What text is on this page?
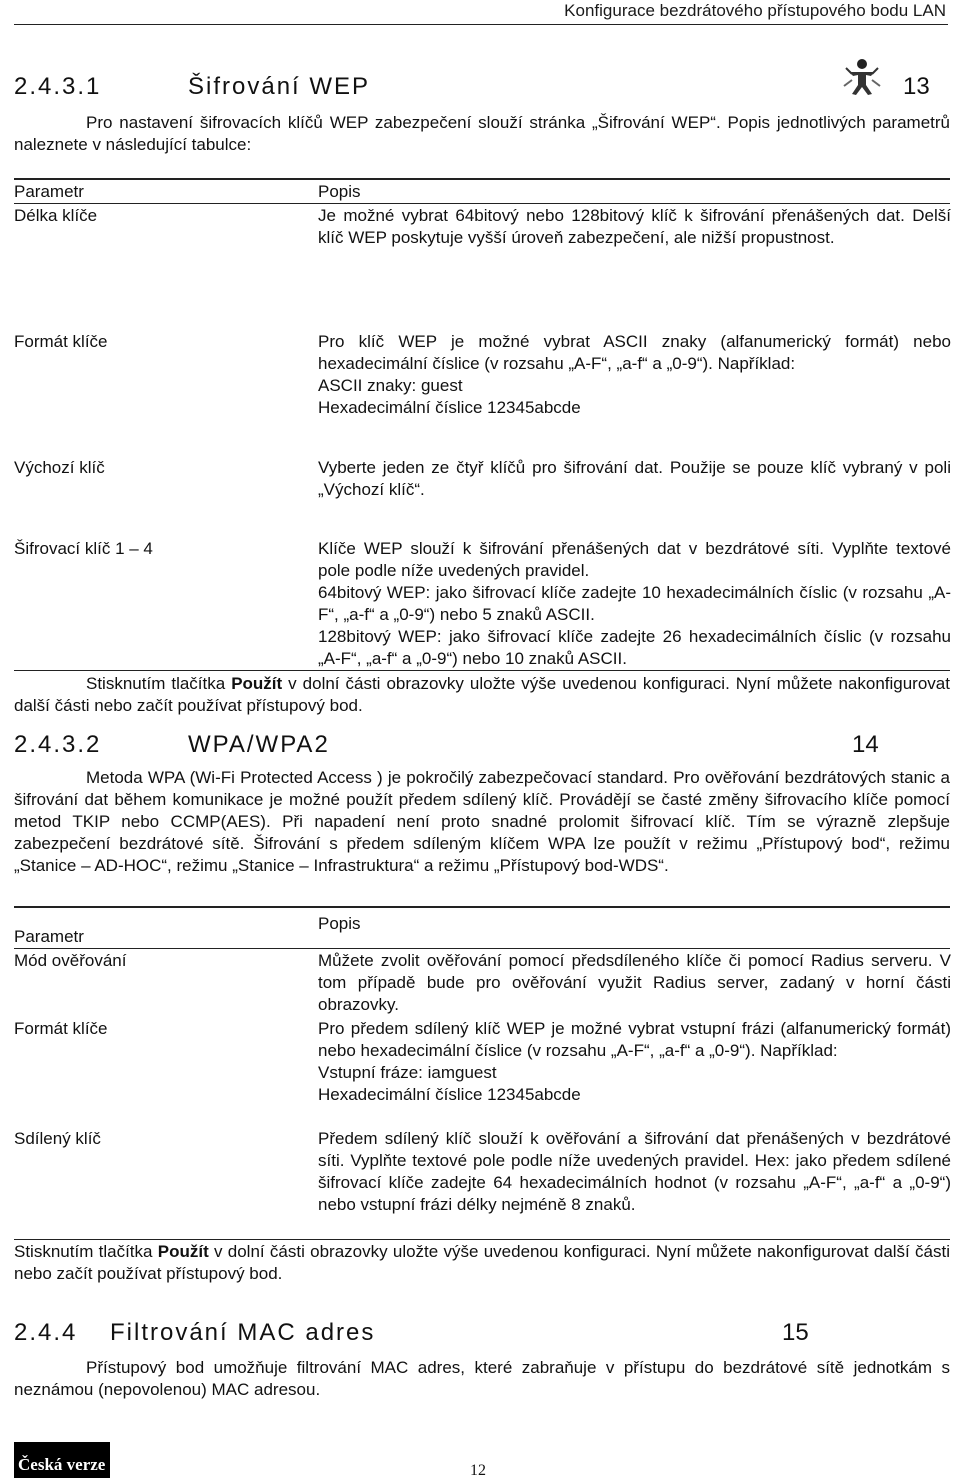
Konfigurace bezdrátového přístupového bodu LAN
2.4.3.1	Šifrování WEP	13
Pro nastavení šifrovacích klíčů WEP zabezpečení slouží stránka „Šifrování WEP“. Popis jednotlivých parametrů naleznete v následující tabulce:
Parametr	Popis
Délka klíče	Je možné vybrat 64bitový nebo 128bitový klíč k šifrování přenášených dat. Delší klíč WEP poskytuje vyšší úroveň zabezpečení, ale nižší propustnost.
Formát klíče	Pro klíč WEP je možné vybrat ASCII znaky (alfanumerický formát) nebo hexadecimální číslice (v rozsahu „A-F“, „a-f“ a „0-9“). Například:
ASCII znaky: guest
Hexadecimální číslice 12345abcde
Výchozí klíč	Vyberte jeden ze čtyř klíčů pro šifrování dat. Použije se pouze klíč vybraný v poli „Výchozí klíč“.
Šifrovací klíč 1 – 4	Klíče WEP slouží k šifrování přenášených dat v bezdrátové síti. Vyplňte textové pole podle níže uvedených pravidel.
64bitový WEP: jako šifrovací klíče zadejte 10 hexadecimálních číslic (v rozsahu „A-F“, „a-f“ a „0-9“) nebo 5 znaků ASCII.
128bitový WEP: jako šifrovací klíče zadejte 26 hexadecimálních číslic (v rozsahu „A-F“, „a-f“ a „0-9“) nebo 10 znaků ASCII.
Stisknutím tlačítka Použít v dolní části obrazovky uložte výše uvedenou konfiguraci. Nyní můžete nakonfigurovat další části nebo začít používat přístupový bod.
2.4.3.2	WPA/WPA2	14
Metoda WPA (Wi-Fi Protected Access ) je pokročilý zabezpečovací standard. Pro ověřování bezdrátových stanic a šifrování dat během komunikace je možné použít předem sdílený klíč. Provádějí se časté změny šifrovacího klíče pomocí metod TKIP nebo CCMP(AES). Při napadení není proto snadné prolomit šifrovací klíč. Tím se výrazně zlepšuje zabezpečení bezdrátové sítě. Šifrování s předem sdíleným klíčem WPA lze použít v režimu „Přístupový bod“, režimu „Stanice – AD-HOC“, režimu „Stanice – Infrastruktura“ a režimu „Přístupový bod-WDS“.
Popis
Parametr
Mód ověřování	Můžete zvolit ověřování pomocí předsdíleného klíče či pomocí Radius serveru. V tom případě bude pro ověřování využit Radius server, zadaný v horní části obrazovky.
Formát klíče	Pro předem sdílený klíč WEP je možné vybrat vstupní frázi (alfanumerický formát) nebo hexadecimální číslice (v rozsahu „A-F“, „a-f“ a „0-9“). Například:
Vstupní fráze: iamguest
Hexadecimální číslice 12345abcde
Sdílený klíč	Předem sdílený klíč slouží k ověřování a šifrování dat přenášených v bezdrátové síti. Vyplňte textové pole podle níže uvedených pravidel. Hex: jako předem sdílené šifrovací klíče zadejte 64 hexadecimálních hodnot (v rozsahu „A-F“, „a-f“ a „0-9“) nebo vstupní frázi délky nejméně 8 znaků.
Stisknutím tlačítka Použít v dolní části obrazovky uložte výše uvedenou konfiguraci. Nyní můžete nakonfigurovat další části nebo začít používat přístupový bod.
2.4.4 Filtrování MAC adres	15
Přístupový bod umožňuje filtrování MAC adres, které zabraňuje v přístupu do bezdrátové sítě jednotkám s neznámou (nepovolenou) MAC adresou.
Česká verze	12
